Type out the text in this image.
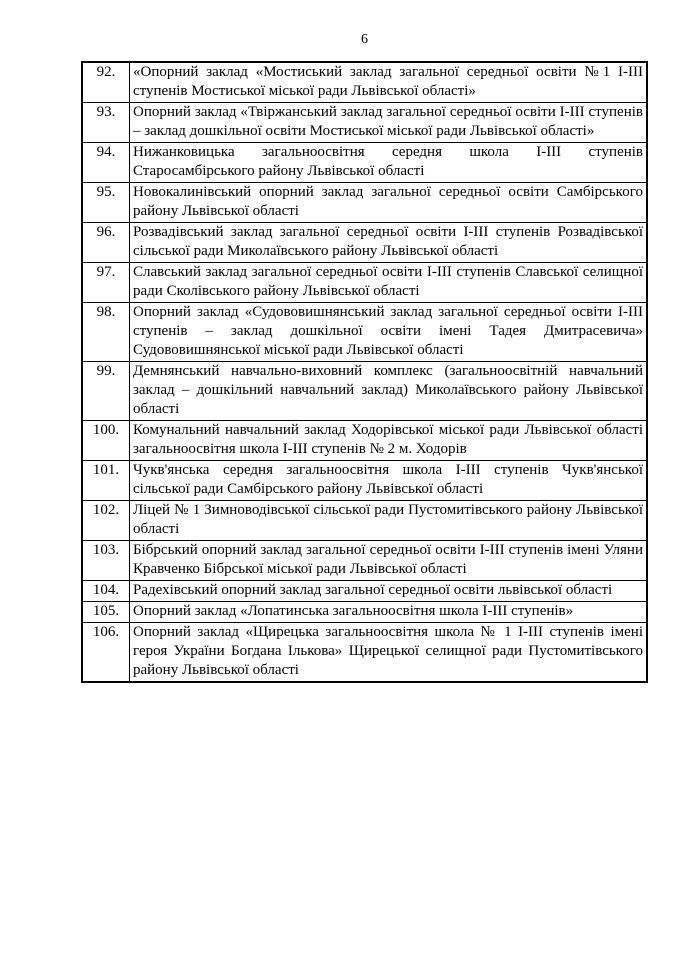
6
92.	«Опорний заклад «Мостиський заклад загальної середньої освіти №1 І-ІІІ ступенів Мостиської міської ради Львівської області»
93.	Опорний заклад «Твіржанський заклад загальної середньої освіти І-ІІІ ступенів – заклад дошкільної освіти Мостиської міської ради Львівської області»
94.	Нижанковицька загальноосвітня середня школа І-ІІІ ступенів Старосамбірського району Львівської області
95.	Новокалинівський опорний заклад загальної середньої освіти Самбірського району Львівської області
96.	Розвадівський заклад загальної середньої освіти І-ІІІ ступенів Розвадівської сільської ради Миколаївського району Львівської області
97.	Славський заклад загальної середньої освіти І-ІІІ ступенів Славської селищної ради Сколівського району Львівської області
98.	Опорний заклад «Судововишнянський заклад загальної середньої освіти І-ІІІ ступенів – заклад дошкільної освіти імені Тадея Дмитрасевича» Судововишнянської міської ради Львівської області
99.	Демнянський навчально-виховний комплекс (загальноосвітній навчальний заклад – дошкільний навчальний заклад) Миколаївського району Львівської області
100.	Комунальний навчальний заклад Ходорівської міської ради Львівської області загальноосвітня школа І-ІІІ ступенів № 2 м. Ходорів
101.	Чукв'янська середня загальноосвітня школа І-ІІІ ступенів Чукв'янської сільської ради Самбірського району Львівської області
102.	Ліцей № 1 Зимноводівської сільської ради Пустомитівського району Львівської області
103.	Бібрський опорний заклад загальної середньої освіти І-ІІІ ступенів імені Уляни Кравченко Бібрської міської ради Львівської області
104.	Радехівський опорний заклад загальної середньої освіти львівської області
105.	Опорний заклад «Лопатинська загальноосвітня школа І-ІІІ ступенів»
106.	Опорний заклад «Щирецька загальноосвітня школа № 1 І-ІІІ ступенів імені героя України Богдана Ількова» Щирецької селищної ради Пустомитівського району Львівської області
